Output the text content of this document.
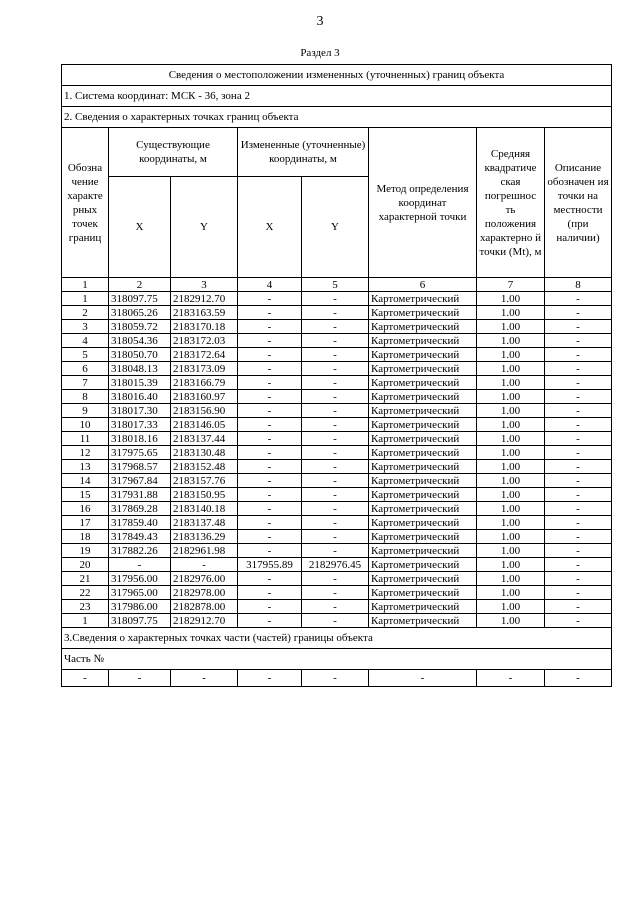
3
Раздел 3
Сведения о местоположении измененных (уточненных) границ объекта							
1. Система координат: МСК - 36, зона 2							
2. Сведения о характерных точках границ объекта							
Обозна чение характе рных точек границ	Существующие координаты, м		Измененные (уточненные) координаты, м		Метод определения координат характерной точки	Средняя квадратиче ская погрешнос ть положения характерно й точки (Mt), м	Описание обозначен ия точки на местности (при наличии)
	X	Y	X	Y			
1	2	3	4	5	6	7	8
1	318097.75	2182912.70	-	-	Картометрический	1.00	-
2	318065.26	2183163.59	-	-	Картометрический	1.00	-
3	318059.72	2183170.18	-	-	Картометрический	1.00	-
4	318054.36	2183172.03	-	-	Картометрический	1.00	-
5	318050.70	2183172.64	-	-	Картометрический	1.00	-
6	318048.13	2183173.09	-	-	Картометрический	1.00	-
7	318015.39	2183166.79	-	-	Картометрический	1.00	-
8	318016.40	2183160.97	-	-	Картометрический	1.00	-
9	318017.30	2183156.90	-	-	Картометрический	1.00	-
10	318017.33	2183146.05	-	-	Картометрический	1.00	-
11	318018.16	2183137.44	-	-	Картометрический	1.00	-
12	317975.65	2183130.48	-	-	Картометрический	1.00	-
13	317968.57	2183152.48	-	-	Картометрический	1.00	-
14	317967.84	2183157.76	-	-	Картометрический	1.00	-
15	317931.88	2183150.95	-	-	Картометрический	1.00	-
16	317869.28	2183140.18	-	-	Картометрический	1.00	-
17	317859.40	2183137.48	-	-	Картометрический	1.00	-
18	317849.43	2183136.29	-	-	Картометрический	1.00	-
19	317882.26	2182961.98	-	-	Картометрический	1.00	-
20	-	-	317955.89	2182976.45	Картометрический	1.00	-
21	317956.00	2182976.00	-	-	Картометрический	1.00	-
22	317965.00	2182978.00	-	-	Картометрический	1.00	-
23	317986.00	2182878.00	-	-	Картометрический	1.00	-
1	318097.75	2182912.70	-	-	Картометрический	1.00	-
3.Сведения о характерных точках части (частей) границы объекта							
Часть №							
-	-	-	-	-	-	-	-
